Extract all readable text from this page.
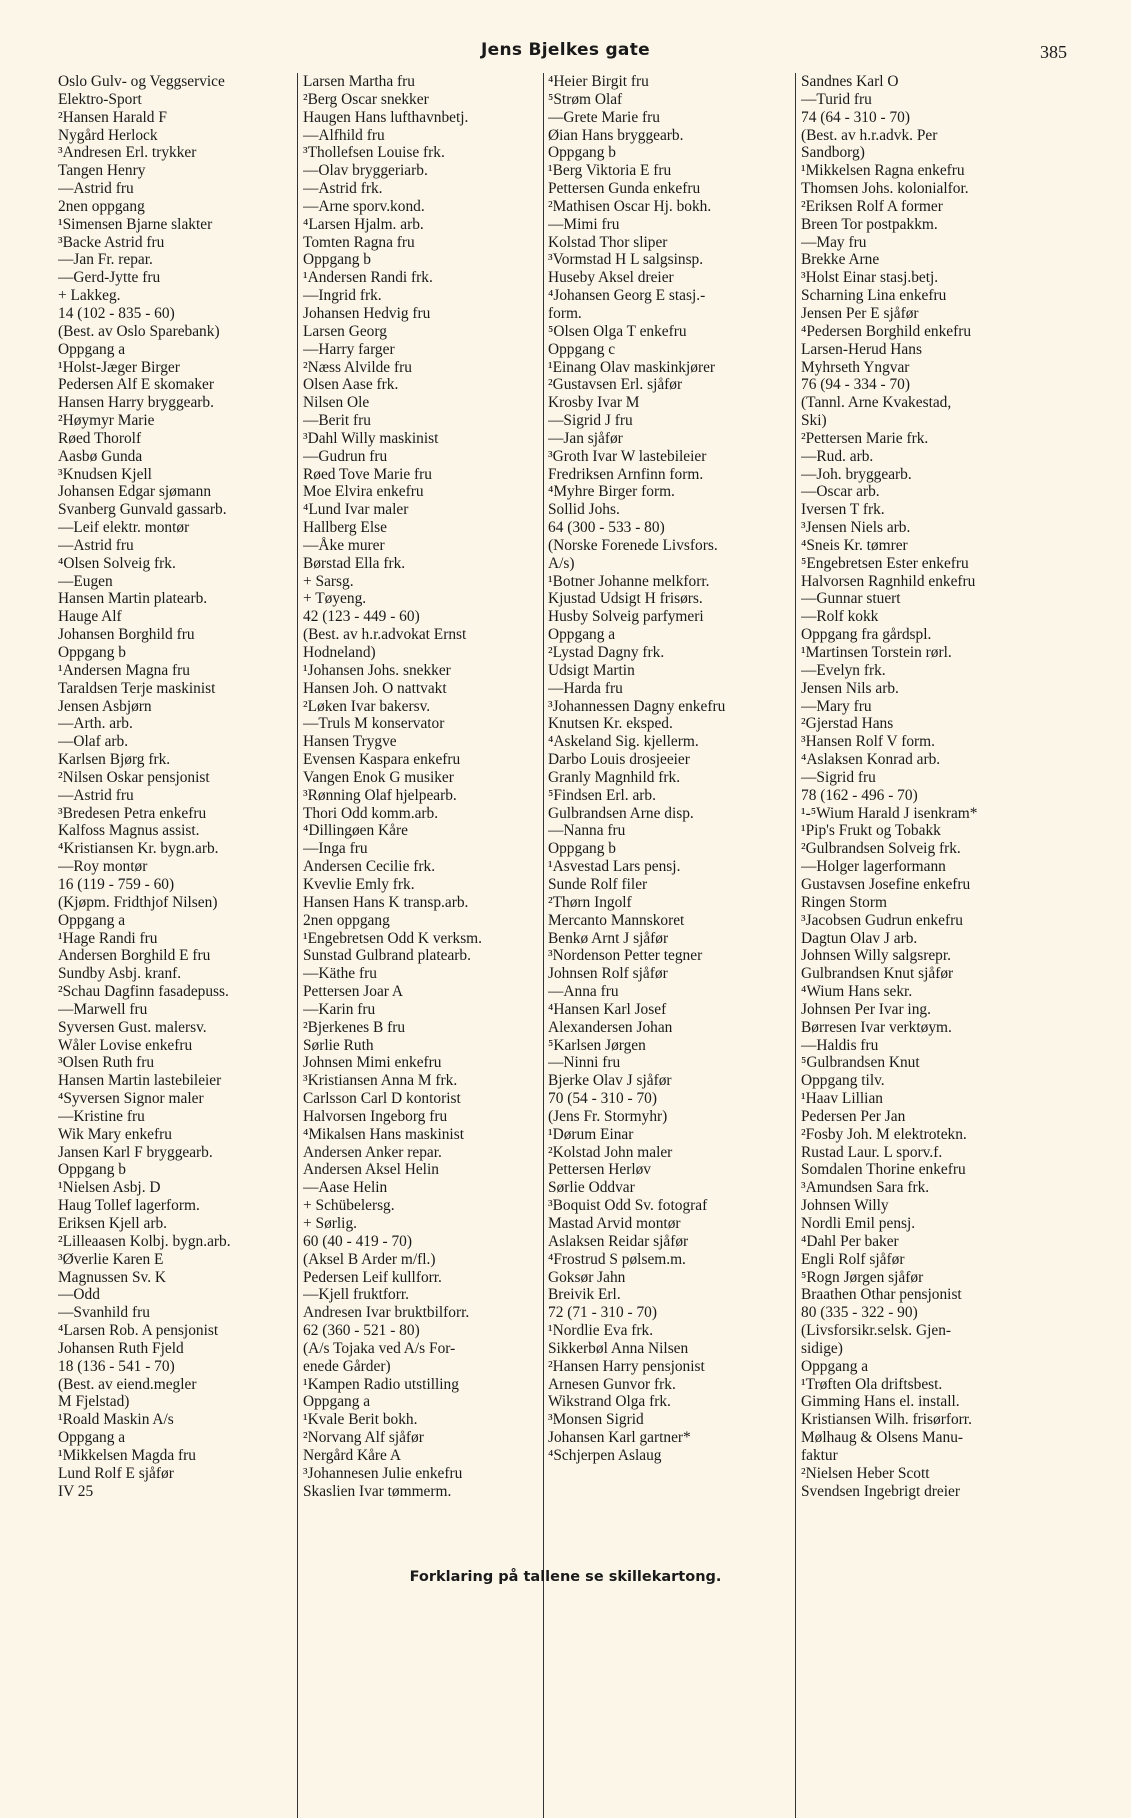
Jens Bjelkes gate	385
Oslo Gulv- og Veggservice
Elektro-Sport
²Hansen Harald F
Nygård Herlock
³Andresen Erl. trykker
Tangen Henry
—Astrid fru
2nen oppgang
¹Simensen Bjarne slakter
³Backe Astrid fru
—Jan Fr. repar.
—Gerd-Jytte fru
+ Lakkeg.
14 (102 - 835 - 60)
(Best. av Oslo Sparebank)
Oppgang a
¹Holst-Jæger Birger
Pedersen Alf E skomaker
Hansen Harry bryggearb.
²Høymyr Marie
Røed Thorolf
Aasbø Gunda
³Knudsen Kjell
Johansen Edgar sjømann
Svanberg Gunvald gassarb.
—Leif elektr. montør
—Astrid fru
⁴Olsen Solveig frk.
—Eugen
Hansen Martin platearb.
Hauge Alf
Johansen Borghild fru
Oppgang b
¹Andersen Magna fru
Taraldsen Terje maskinist
Jensen Asbjørn
—Arth. arb.
—Olaf arb.
Karlsen Bjørg frk.
²Nilsen Oskar pensjonist
—Astrid fru
³Bredesen Petra enkefru
Kalfoss Magnus assist.
⁴Kristiansen Kr. bygn.arb.
—Roy montør
16 (119 - 759 - 60)
(Kjøpm. Fridthjof Nilsen)
Oppgang a
¹Hage Randi fru
Andersen Borghild E fru
Sundby Asbj. kranf.
²Schau Dagfinn fasadepuss.
—Marwell fru
Syversen Gust. malersv.
Wåler Lovise enkefru
³Olsen Ruth fru
Hansen Martin lastebileier
⁴Syversen Signor maler
—Kristine fru
Wik Mary enkefru
Jansen Karl F bryggearb.
Oppgang b
¹Nielsen Asbj. D
Haug Tollef lagerform.
Eriksen Kjell arb.
²Lilleaasen Kolbj. bygn.arb.
³Øverlie Karen E
Magnussen Sv. K
—Odd
—Svanhild fru
⁴Larsen Rob. A pensjonist
Johansen Ruth Fjeld
18 (136 - 541 - 70)
(Best. av eiend.megler
M Fjelstad)
¹Roald Maskin A/s
Oppgang a
¹Mikkelsen Magda fru
Lund Rolf E sjåfør
IV 25
Larsen Martha fru
²Berg Oscar snekker
Haugen Hans lufthavnbetj.
—Alfhild fru
³Thollefsen Louise frk.
—Olav bryggeriarb.
—Astrid frk.
—Arne sporv.kond.
⁴Larsen Hjalm. arb.
Tomten Ragna fru
Oppgang b
¹Andersen Randi frk.
—Ingrid frk.
Johansen Hedvig fru
Larsen Georg
—Harry farger
²Næss Alvilde fru
Olsen Aase frk.
Nilsen Ole
—Berit fru
³Dahl Willy maskinist
—Gudrun fru
Røed Tove Marie fru
Moe Elvira enkefru
⁴Lund Ivar maler
Hallberg Else
—Åke murer
Børstad Ella frk.
+ Sarsg.
+ Tøyeng.
42 (123 - 449 - 60)
(Best. av h.r.advokat Ernst
Hodneland)
¹Johansen Johs. snekker
Hansen Joh. O nattvakt
²Løken Ivar bakersv.
—Truls M konservator
Hansen Trygve
Evensen Kaspara enkefru
Vangen Enok G musiker
³Rønning Olaf hjelpearb.
Thori Odd komm.arb.
⁴Dillingøen Kåre
—Inga fru
Andersen Cecilie frk.
Kvevlie Emly frk.
Hansen Hans K transp.arb.
2nen oppgang
¹Engebretsen Odd K verksm.
Sunstad Gulbrand platearb.
—Käthe fru
Pettersen Joar A
—Karin fru
²Bjerkenes B fru
Sørlie Ruth
Johnsen Mimi enkefru
³Kristiansen Anna M frk.
Carlsson Carl D kontorist
Halvorsen Ingeborg fru
⁴Mikalsen Hans maskinist
Andersen Anker repar.
Andersen Aksel Helin
—Aase Helin
+ Schübelersg.
+ Sørlig.
60 (40 - 419 - 70)
(Aksel B Arder m/fl.)
Pedersen Leif kullforr.
—Kjell fruktforr.
Andresen Ivar bruktbilforr.
62 (360 - 521 - 80)
(A/s Tojaka ved A/s For-
enede Gårder)
¹Kampen Radio utstilling
Oppgang a
¹Kvale Berit bokh.
²Norvang Alf sjåfør
Nergård Kåre A
³Johannesen Julie enkefru
Skaslien Ivar tømmerm.
⁴Heier Birgit fru
⁵Strøm Olaf
—Grete Marie fru
Øian Hans bryggearb.
Oppgang b
¹Berg Viktoria E fru
Pettersen Gunda enkefru
²Mathisen Oscar Hj. bokh.
—Mimi fru
Kolstad Thor sliper
³Vormstad H L salgsinsp.
Huseby Aksel dreier
⁴Johansen Georg E stasj.-
form.
⁵Olsen Olga T enkefru
Oppgang c
¹Einang Olav maskinkjører
²Gustavsen Erl. sjåfør
Krosby Ivar M
—Sigrid J fru
—Jan sjåfør
³Groth Ivar W lastebileier
Fredriksen Arnfinn form.
⁴Myhre Birger form.
Sollid Johs.
64 (300 - 533 - 80)
(Norske Forenede Livsfors.
A/s)
¹Botner Johanne melkforr.
Kjustad Udsigt H frisørs.
Husby Solveig parfymeri
Oppgang a
²Lystad Dagny frk.
Udsigt Martin
—Harda fru
³Johannessen Dagny enkefru
Knutsen Kr. eksped.
⁴Askeland Sig. kjellerm.
Darbo Louis drosjeeier
Granly Magnhild frk.
⁵Findsen Erl. arb.
Gulbrandsen Arne disp.
—Nanna fru
Oppgang b
¹Asvestad Lars pensj.
Sunde Rolf filer
²Thørn Ingolf
Mercanto Mannskoret
Benkø Arnt J sjåfør
³Nordenson Petter tegner
Johnsen Rolf sjåfør
—Anna fru
⁴Hansen Karl Josef
Alexandersen Johan
⁵Karlsen Jørgen
—Ninni fru
Bjerke Olav J sjåfør
70 (54 - 310 - 70)
(Jens Fr. Stormyhr)
¹Dørum Einar
²Kolstad John maler
Pettersen Herløv
Sørlie Oddvar
³Boquist Odd Sv. fotograf
Mastad Arvid montør
Aslaksen Reidar sjåfør
⁴Frostrud S pølsem.m.
Goksør Jahn
Breivik Erl.
72 (71 - 310 - 70)
¹Nordlie Eva frk.
Sikkerbøl Anna Nilsen
²Hansen Harry pensjonist
Arnesen Gunvor frk.
Wikstrand Olga frk.
³Monsen Sigrid
Johansen Karl gartner*
⁴Schjerpen Aslaug
Sandnes Karl O
—Turid fru
74 (64 - 310 - 70)
(Best. av h.r.advk. Per
Sandborg)
¹Mikkelsen Ragna enkefru
Thomsen Johs. kolonialfor.
²Eriksen Rolf A former
Breen Tor postpakkm.
—May fru
Brekke Arne
³Holst Einar stasj.betj.
Scharning Lina enkefru
Jensen Per E sjåfør
⁴Pedersen Borghild enkefru
Larsen-Herud Hans
Myhrseth Yngvar
76 (94 - 334 - 70)
(Tannl. Arne Kvakestad,
Ski)
²Pettersen Marie frk.
—Rud. arb.
—Joh. bryggearb.
—Oscar arb.
Iversen T frk.
³Jensen Niels arb.
⁴Sneis Kr. tømrer
⁵Engebretsen Ester enkefru
Halvorsen Ragnhild enkefru
—Gunnar stuert
—Rolf kokk
Oppgang fra gårdspl.
¹Martinsen Torstein rørl.
—Evelyn frk.
Jensen Nils arb.
—Mary fru
²Gjerstad Hans
³Hansen Rolf V form.
⁴Aslaksen Konrad arb.
—Sigrid fru
78 (162 - 496 - 70)
¹-⁵Wium Harald J isenkram*
¹Pip's Frukt og Tobakk
²Gulbrandsen Solveig frk.
—Holger lagerformann
Gustavsen Josefine enkefru
Ringen Storm
³Jacobsen Gudrun enkefru
Dagtun Olav J arb.
Johnsen Willy salgsrepr.
Gulbrandsen Knut sjåfør
⁴Wium Hans sekr.
Johnsen Per Ivar ing.
Børresen Ivar verktøym.
—Haldis fru
⁵Gulbrandsen Knut
Oppgang tilv.
¹Haav Lillian
Pedersen Per Jan
²Fosby Joh. M elektrotekn.
Rustad Laur. L sporv.f.
Somdalen Thorine enkefru
³Amundsen Sara frk.
Johnsen Willy
Nordli Emil pensj.
⁴Dahl Per baker
Engli Rolf sjåfør
⁵Rogn Jørgen sjåfør
Braathen Othar pensjonist
80 (335 - 322 - 90)
(Livsforsikr.selsk. Gjen-
sidige)
Oppgang a
¹Trøften Ola driftsbest.
Gimming Hans el. install.
Kristiansen Wilh. frisørforr.
Mølhaug & Olsens Manu-
faktur
²Nielsen Heber Scott
Svendsen Ingebrigt dreier
Forklaring på tallene se skillekartong.
